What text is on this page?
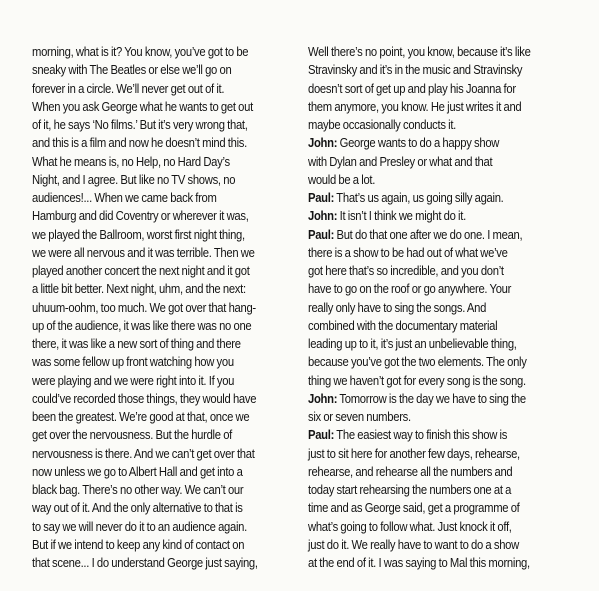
morning, what is it? You know, you’ve got to be
sneaky with The Beatles or else we’ll go on
forever in a circle. We’ll never get out of it.
When you ask George what he wants to get out
of it, he says ‘No films.’ But it’s very wrong that,
and this is a film and now he doesn’t mind this.
What he means is, no Help, no Hard Day’s
Night, and I agree. But like no TV shows, no
audiences!... When we came back from
Hamburg and did Coventry or wherever it was,
we played the Ballroom, worst first night thing,
we were all nervous and it was terrible. Then we
played another concert the next night and it got
a little bit better. Next night, uhm, and the next:
uhuum-oohm, too much. We got over that hang-
up of the audience, it was like there was no one
there, it was like a new sort of thing and there
was some fellow up front watching how you
were playing and we were right into it. If you
could’ve recorded those things, they would have
been the greatest. We’re good at that, once we
get over the nervousness. But the hurdle of
nervousness is there. And we can’t get over that
now unless we go to Albert Hall and get into a
black bag. There’s no other way. We can’t our
way out of it. And the only alternative to that is
to say we will never do it to an audience again.
But if we intend to keep any kind of contact on
that scene... I do understand George just saying,
Well there’s no point, you know, because it’s like
Stravinsky and it’s in the music and Stravinsky
doesn’t sort of get up and play his Joanna for
them anymore, you know. He just writes it and
maybe occasionally conducts it.
John: George wants to do a happy show
with Dylan and Presley or what and that
would be a lot.
Paul: That’s us again, us going silly again.
John: It isn’t I think we might do it.
Paul: But do that one after we do one. I mean,
there is a show to be had out of what we’ve
got here that’s so incredible, and you don’t
have to go on the roof or go anywhere. Your
really only have to sing the songs. And
combined with the documentary material
leading up to it, it’s just an unbelievable thing,
because you’ve got the two elements. The only
thing we haven’t got for every song is the song.
John: Tomorrow is the day we have to sing the
six or seven numbers.
Paul: The easiest way to finish this show is
just to sit here for another few days, rehearse,
rehearse, and rehearse all the numbers and
today start rehearsing the numbers one at a
time and as George said, get a programme of
what’s going to follow what. Just knock it off,
just do it. We really have to want to do a show
at the end of it. I was saying to Mal this morning,
